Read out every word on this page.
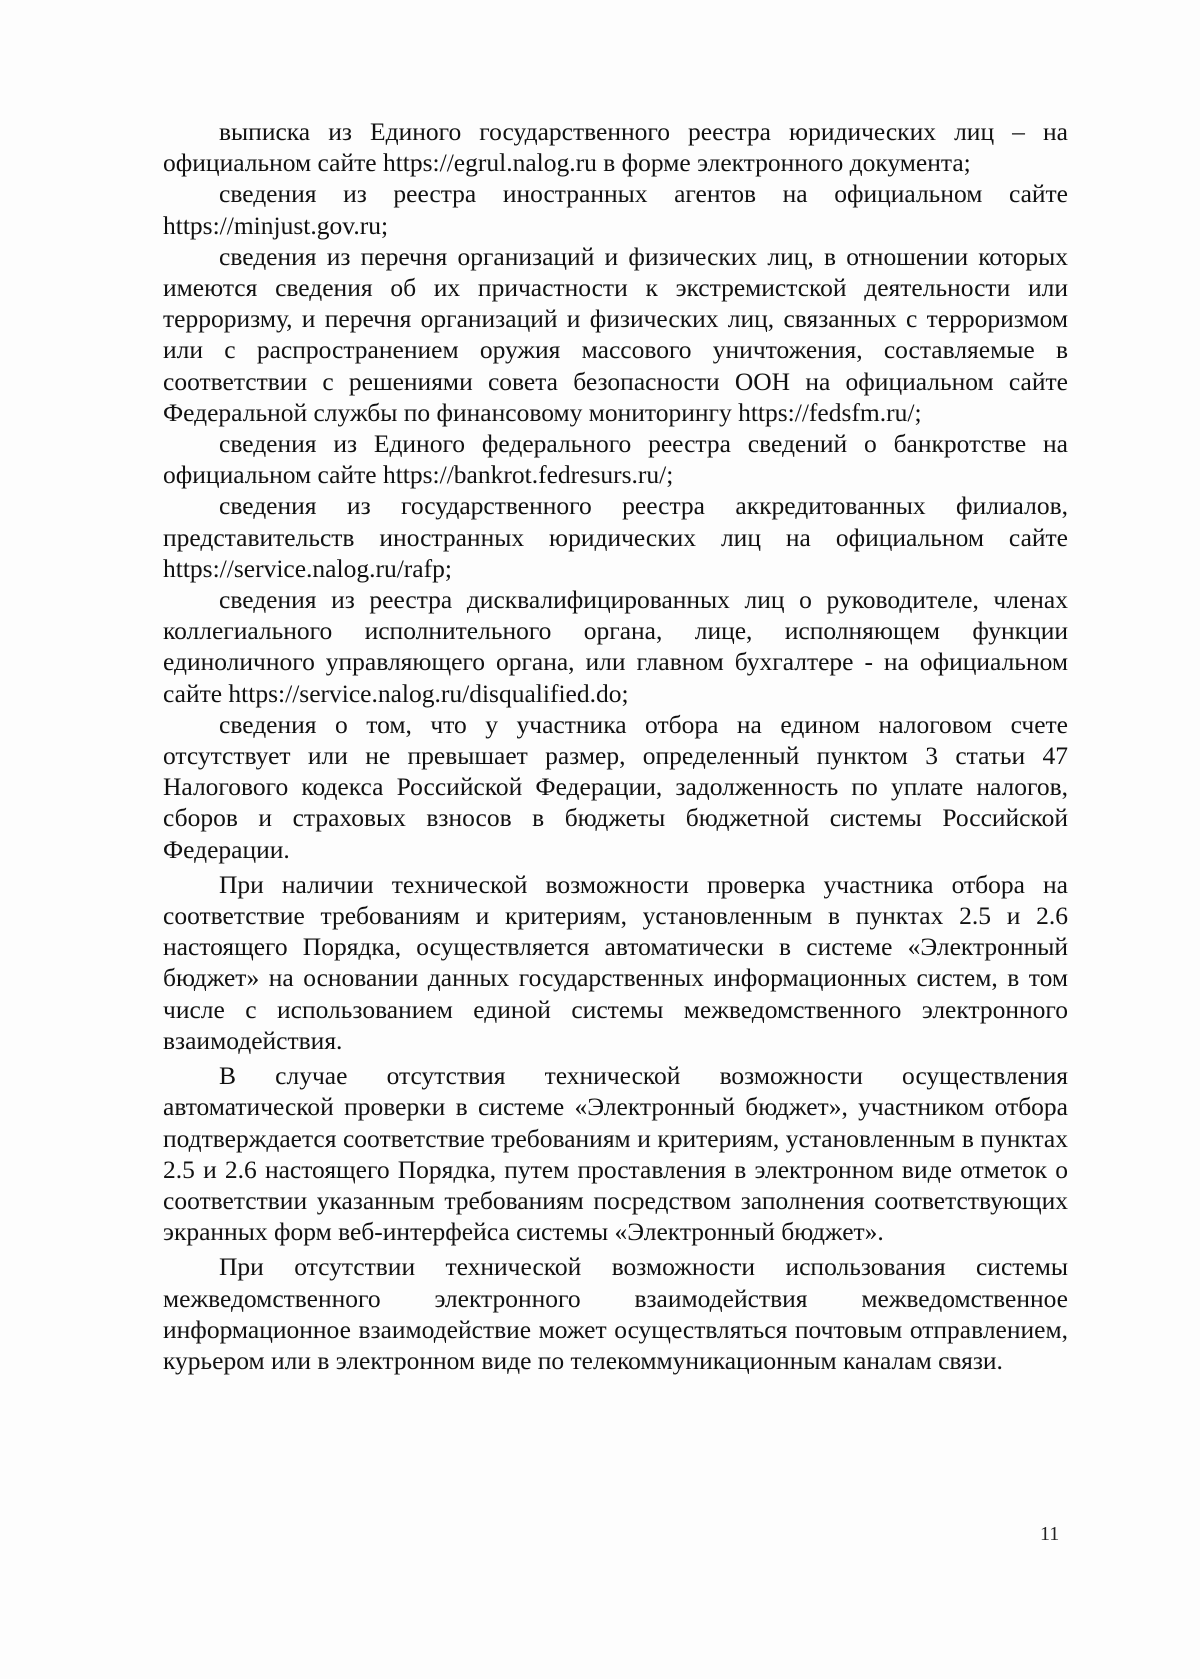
выписка из Единого государственного реестра юридических лиц – на официальном сайте https://egrul.nalog.ru в форме электронного документа;

сведения из реестра иностранных агентов на официальном сайте https://minjust.gov.ru;

сведения из перечня организаций и физических лиц, в отношении которых имеются сведения об их причастности к экстремистской деятельности или терроризму, и перечня организаций и физических лиц, связанных с терроризмом или с распространением оружия массового уничтожения, составляемые в соответствии с решениями совета безопасности ООН на официальном сайте Федеральной службы по финансовому мониторингу https://fedsfm.ru/;

сведения из Единого федерального реестра сведений о банкротстве на официальном сайте https://bankrot.fedresurs.ru/;

сведения из государственного реестра аккредитованных филиалов, представительств иностранных юридических лиц на официальном сайте https://service.nalog.ru/rafp;

сведения из реестра дисквалифицированных лиц о руководителе, членах коллегиального исполнительного органа, лице, исполняющем функции единоличного управляющего органа, или главном бухгалтере - на официальном сайте https://service.nalog.ru/disqualified.do;

сведения о том, что у участника отбора на едином налоговом счете отсутствует или не превышает размер, определенный пунктом 3 статьи 47 Налогового кодекса Российской Федерации, задолженность по уплате налогов, сборов и страховых взносов в бюджеты бюджетной системы Российской Федерации.

При наличии технической возможности проверка участника отбора на соответствие требованиям и критериям, установленным в пунктах 2.5 и 2.6 настоящего Порядка, осуществляется автоматически в системе «Электронный бюджет» на основании данных государственных информационных систем, в том числе с использованием единой системы межведомственного электронного взаимодействия.

В случае отсутствия технической возможности осуществления автоматической проверки в системе «Электронный бюджет», участником отбора подтверждается соответствие требованиям и критериям, установленным в пунктах 2.5 и 2.6 настоящего Порядка, путем проставления в электронном виде отметок о соответствии указанным требованиям посредством заполнения соответствующих экранных форм веб-интерфейса системы «Электронный бюджет».

При отсутствии технической возможности использования системы межведомственного электронного взаимодействия межведомственное информационное взаимодействие может осуществляться почтовым отправлением, курьером или в электронном виде по телекоммуникационным каналам связи.

11
